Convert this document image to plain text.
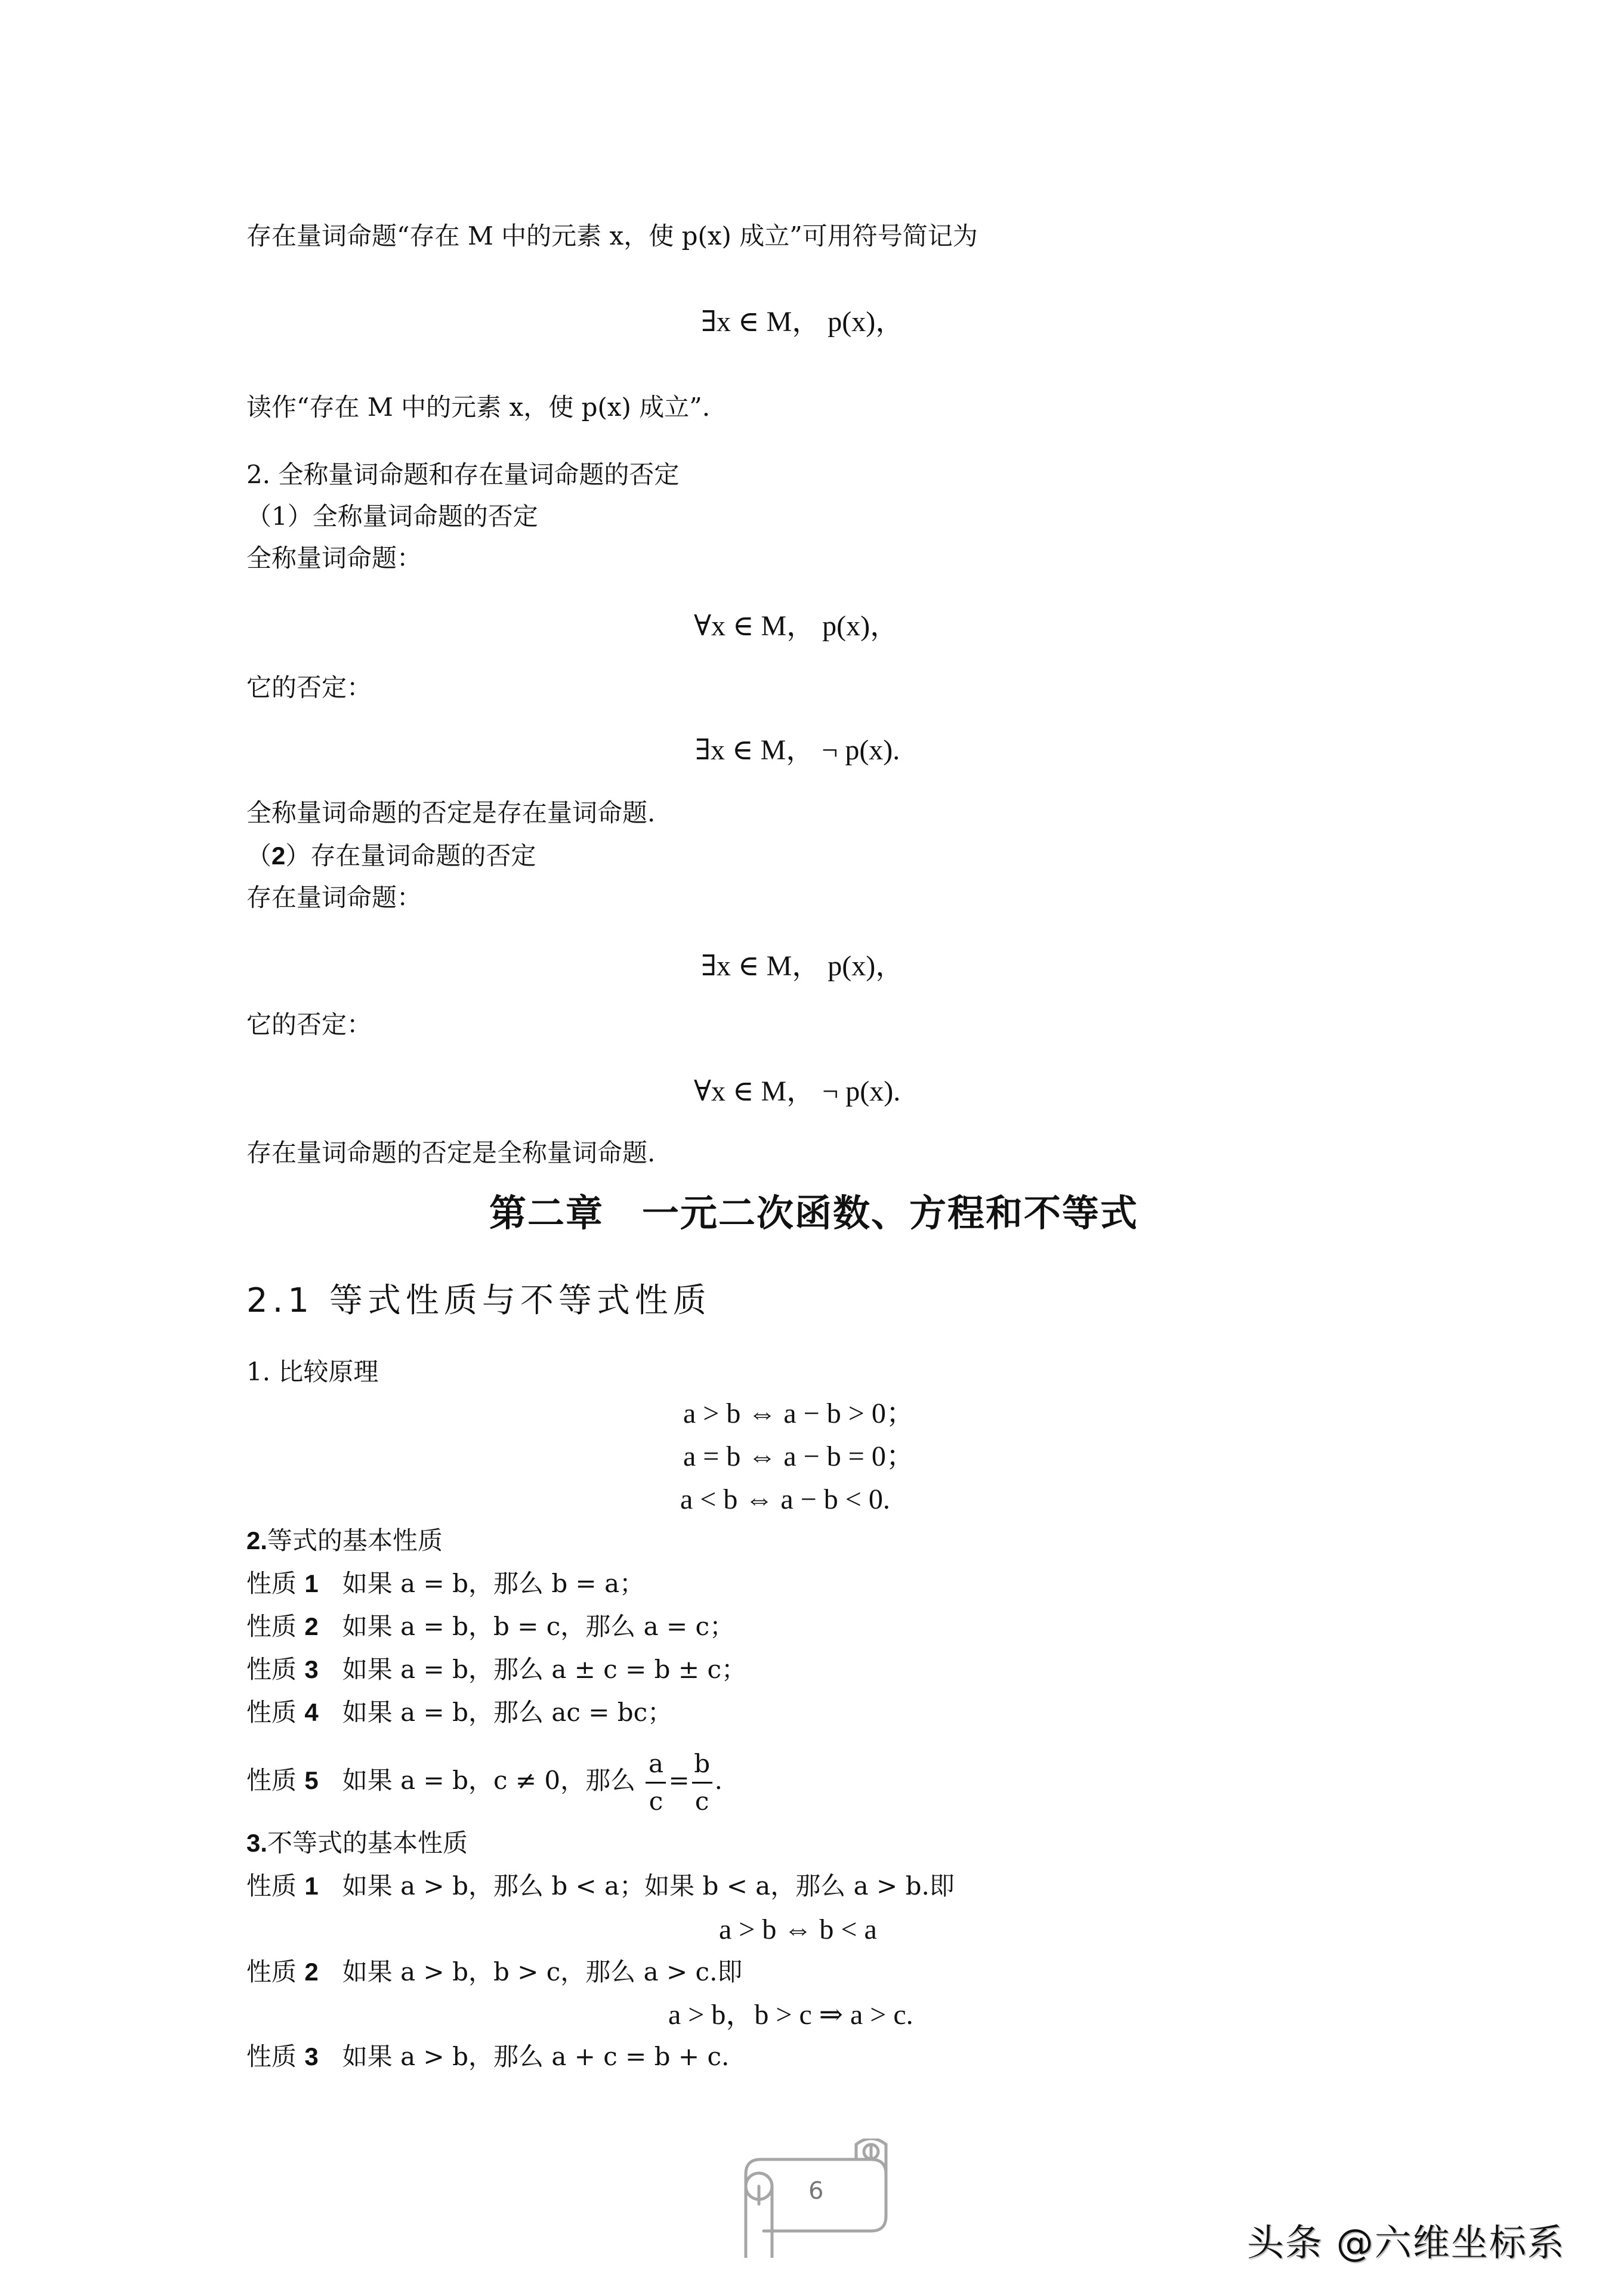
存在量词命题“存在 M 中的元素 x，使 p(x) 成立”可用符号简记为
∃x ∈ M， p(x)，
读作“存在 M 中的元素 x，使 p(x) 成立”.
2. 全称量词命题和存在量词命题的否定
（1）全称量词命题的否定
全称量词命题：
∀x ∈ M， p(x)，
它的否定：
∃x ∈ M， ¬ p(x).
全称量词命题的否定是存在量词命题.
（2）存在量词命题的否定
存在量词命题：
∃x ∈ M， p(x)，
它的否定：
∀x ∈ M， ¬ p(x).
存在量词命题的否定是全称量词命题.
第二章　一元二次函数、方程和不等式
2.1 等式性质与不等式性质
1. 比较原理
a > b ⇔ a − b > 0；
a = b ⇔ a − b = 0；
a < b ⇔ a − b < 0.
2.等式的基本性质
性质 1 如果 a = b，那么 b = a；
性质 2 如果 a = b，b = c，那么 a = c；
性质 3 如果 a = b，那么 a ± c = b ± c；
性质 4 如果 a = b，那么 ac = bc；
性质 5 如果 a = b，c ≠ 0，那么 $\frac{a}{c} = \frac{b}{c}$ .
3.不等式的基本性质
性质 1 如果 a > b，那么 b < a；如果 b < a，那么 a > b.即
a > b ⇔ b < a
性质 2 如果 a > b，b > c，那么 a > c.即
a > b，b > c ⇒ a > c.
性质 3 如果 a > b，那么 a + c = b + c.
6
头条 @六维坐标系
